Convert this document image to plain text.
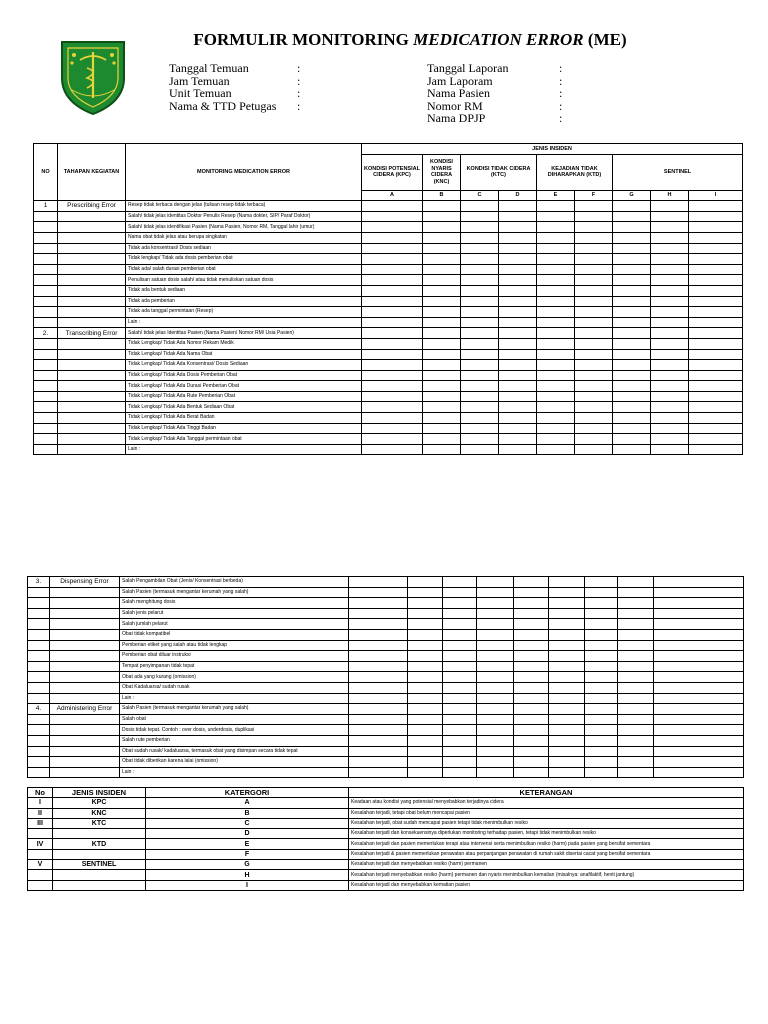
FORMULIR MONITORING MEDICATION ERROR (ME)
Tanggal Temuan	:
Jam Temuan	:
Unit Temuan	:
Nama & TTD Petugas	:
Tanggal Laporan	:
Jam Laporam	:
Nama Pasien	:
Nomor RM	:
Nama DPJP	:
NO	TAHAPAN KEGIATAN	MONITORING MEDICATION ERROR	JENIS INSIDEN								
			KONDISI POTENSIAL CIDERA (KPC)	KONDISI NYARIS CIDERA (KNC)	KONDISI TIDAK CIDERA (KTC)		KEJADIAN TIDAK DIHARAPKAN (KTD)		SENTINEL		
			A	B	C	D	E	F	G	H	I
1	Prescribing Error	Resep tidak terbaca dengan jelas (tulisan resep tidak terbaca)									
		Salah/ tidak jelas identitas Doktor Penulis Resep (Nama dokter, SIP/ Paraf Doktor)									
		Salah/ tidak jelas identifikasi Pasien (Nama Pasien, Nomor RM, Tanggal lahir (umur)									
		Nama obat tidak jelas atau berupa singkatan									
		Tidak ada konsentrasi/ Dosis sediaan									
		Tidak lengkap/ Tidak ada dosis pemberian obat									
		Tidak ada/ salah durasi pemberian obat									
		Penulisan satuan dosis salah/ atau tidak menuliskan satuan dosis									
		Tidak ada bentuk sediaan									
		Tidak ada pemberian									
		Tidak ada tanggal permintaan (Resep)									
		Lain :									
2.	Transcribing Error	Salah/ tidak jelas Identitas Pasien (Nama Pasien/ Nomor RM/ Usia Pasien)									
		Tidak Lengkap/ Tidak Ada Nomor Rekam Medik									
		Tidak Lengkap/ Tidak Ada Nama Obat									
		Tidak Lengkap/ Tidak Ada Konsentrasi/ Dosis Sediaan									
		Tidak Lengkap/ Tidak Ada Dosis Pemberian Obat									
		Tidak Lengkap/ Tidak Ada Durasi Pemberian Obat									
		Tidak Lengkap/ Tidak Ada Rute Pemberian Obat									
		Tidak Lengkap/ Tidak Ada Bentuk Sediaan Obat									
		Tidak Lengkap/ Tidak Ada Berat Badan									
		Tidak Lengkap/ Tidak Ada Tinggi Badan									
		Tidak Lengkap/ Tidak Ada Tanggal permintaan obat									
		Lain :									
3.	Dispensing Error	Salah Pengambilan Obat (Jenis/ Konsentrasi berbeda)									
		Salah Pasien (termasuk mengantar kerumah yang salah)									
		Salah menghitung dosis									
		Salah jenis pelarut									
		Salah jumlah pelarut									
		Obat tidak kompatibel									
		Pemberian etiket yang salah atau tidak lengkap									
		Pemberian obat diluar instruksi									
		Tempat penyimpanan tidak tepat									
		Obat ada yang kurang (omission)									
		Obat Kadaluarsa/ sudah rusak									
		Lain :									
4.	Administering Error	Salah Pasien (termasuk mengantar kerumah yang salah)									
		Salah obat									
		Dosis tidak tepat. Contoh : over dosis, underdosis, duplikasi									
		Salah rute pemberian									
		Obat sudah rusak/ kadaluarsa, termasuk obat yang disimpan secara tidak tepat									
		Obat tidak diberikan karena lalai (omission)									
		Lain :									
No	JENIS INSIDEN	KATERGORI	KETERANGAN
I	KPC	A	Keadaan atau kondisi yang potensial menyebabkan terjadinya cidera
II	KNC	B	Kesalahan terjadi, tetapi obat belum mencapai pasien
III	KTC	C	Kesalahan terjadi, obat sudah mencapai pasien tetapi tidak menimbulkan resiko
		D	Kesalahan terjadi dan konsekuensinya diperlukan monitoring terhadap pasien, tetapi tidak menimbulkan resiko
IV	KTD	E	Kesalahan terjadi dan pasien memerlukan terapi atau intervensi serta menimbulkan resiko (harm) pada pasien yang bersifat sementara
		F	Kesalahan terjadi & pasien memerlukan perawatan atau perpanjangan perawatan di rumah sakit disertai cacat yang bersifat sementara
V	SENTINEL	G	Kesalahan terjadi dan menyebabkan resiko (harm) permanen
		H	Kesalahan terjadi menyebabkan resiko (harm) permanen dan nyaris menimbulkan kematian (misalnya: anafilaktif, henti jantung)
		I	Kesalahan terjadi dan menyebabkan kematian pasien
